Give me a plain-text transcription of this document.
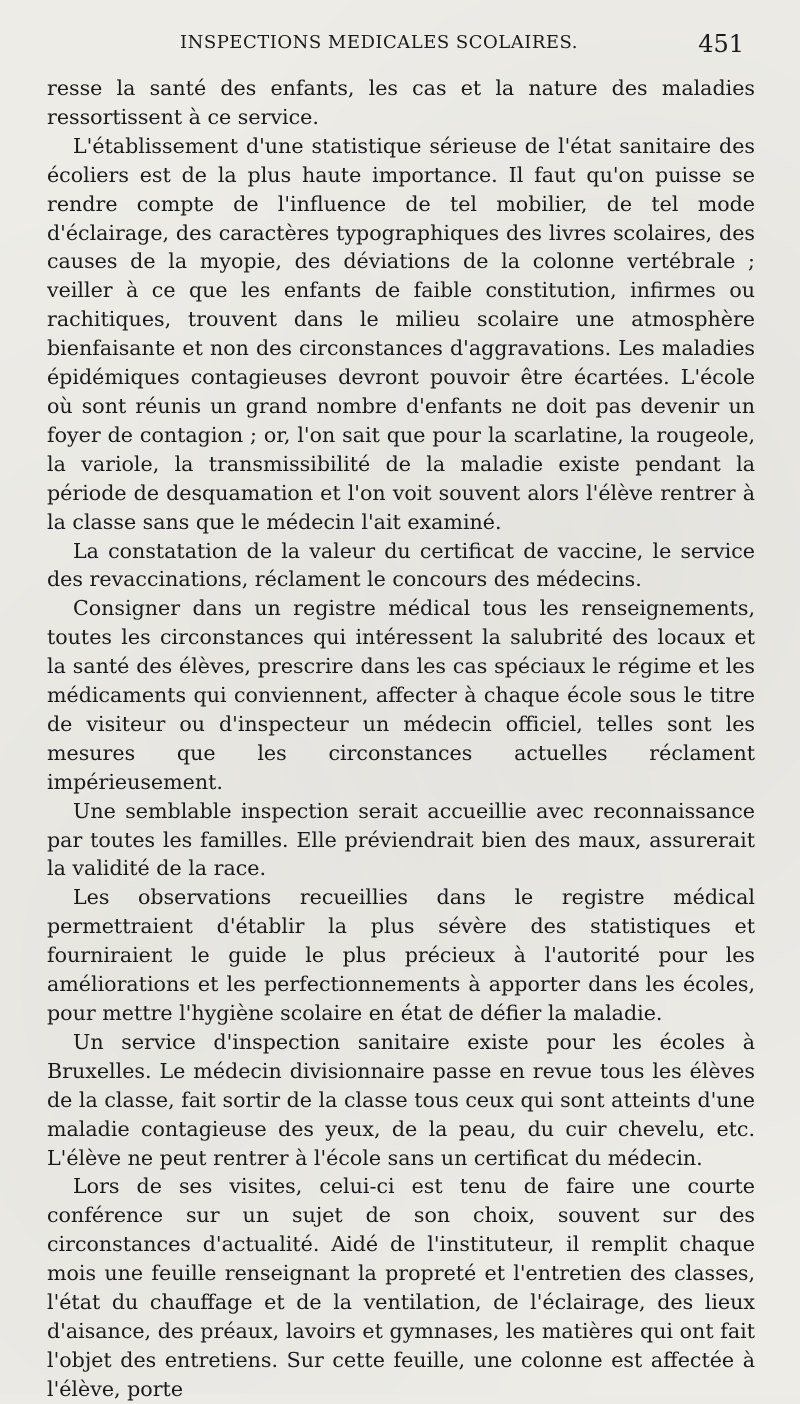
INSPECTIONS MEDICALES SCOLAIRES.	451

resse la santé des enfants, les cas et la nature des maladies ressortissent à ce service.

L'établissement d'une statistique sérieuse de l'état sanitaire des écoliers est de la plus haute importance. Il faut qu'on puisse se rendre compte de l'influence de tel mobilier, de tel mode d'éclairage, des caractères typographiques des livres scolaires, des causes de la myopie, des déviations de la colonne vertébrale ; veiller à ce que les enfants de faible constitution, infirmes ou rachitiques, trouvent dans le milieu scolaire une atmosphère bienfaisante et non des circonstances d'aggravations. Les maladies épidémiques contagieuses devront pouvoir être écartées. L'école où sont réunis un grand nombre d'enfants ne doit pas devenir un foyer de contagion ; or, l'on sait que pour la scarlatine, la rougeole, la variole, la transmissibilité de la maladie existe pendant la période de desquamation et l'on voit souvent alors l'élève rentrer à la classe sans que le médecin l'ait examiné.

La constatation de la valeur du certificat de vaccine, le service des revaccinations, réclament le concours des médecins.

Consigner dans un registre médical tous les renseignements, toutes les circonstances qui intéressent la salubrité des locaux et la santé des élèves, prescrire dans les cas spéciaux le régime et les médicaments qui conviennent, affecter à chaque école sous le titre de visiteur ou d'inspecteur un médecin officiel, telles sont les mesures que les circonstances actuelles réclament impérieusement.

Une semblable inspection serait accueillie avec reconnaissance par toutes les familles. Elle préviendrait bien des maux, assurerait la validité de la race.

Les observations recueillies dans le registre médical permettraient d'établir la plus sévère des statistiques et fourniraient le guide le plus précieux à l'autorité pour les améliorations et les perfectionnements à apporter dans les écoles, pour mettre l'hygiène scolaire en état de défier la maladie.

Un service d'inspection sanitaire existe pour les écoles à Bruxelles. Le médecin divisionnaire passe en revue tous les élèves de la classe, fait sortir de la classe tous ceux qui sont atteints d'une maladie contagieuse des yeux, de la peau, du cuir chevelu, etc. L'élève ne peut rentrer à l'école sans un certificat du médecin.

Lors de ses visites, celui-ci est tenu de faire une courte conférence sur un sujet de son choix, souvent sur des circonstances d'actualité. Aidé de l'instituteur, il remplit chaque mois une feuille renseignant la propreté et l'entretien des classes, l'état du chauffage et de la ventilation, de l'éclairage, des lieux d'aisance, des préaux, lavoirs et gymnases, les matières qui ont fait l'objet des entretiens. Sur cette feuille, une colonne est affectée à l'élève, porte
